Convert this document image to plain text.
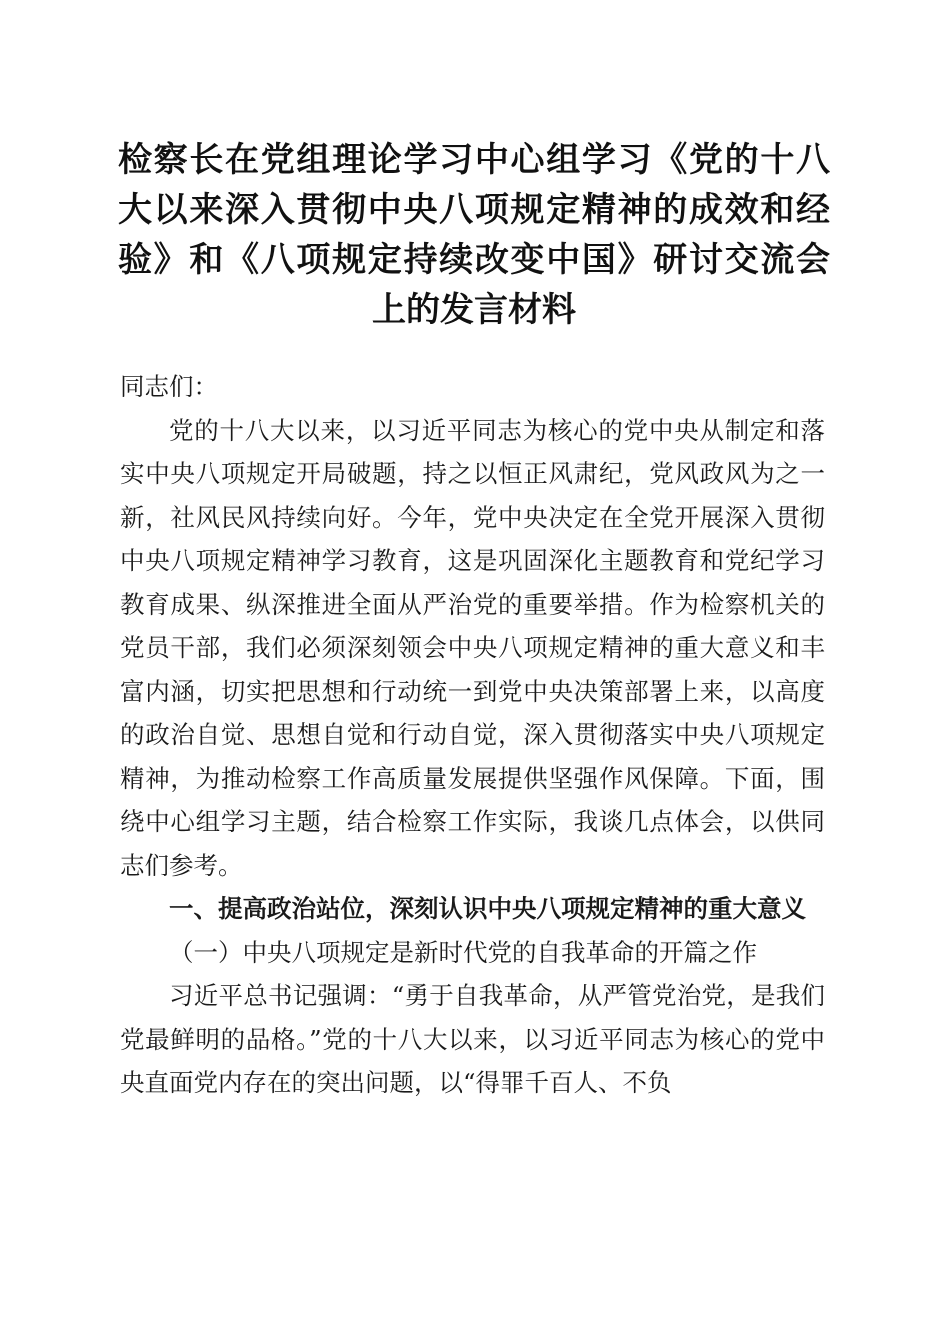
检察长在党组理论学习中心组学习《党的十八大以来深入贯彻中央八项规定精神的成效和经验》和《八项规定持续改变中国》研讨交流会上的发言材料

同志们：

党的十八大以来，以习近平同志为核心的党中央从制定和落实中央八项规定开局破题，持之以恒正风肃纪，党风政风为之一新，社风民风持续向好。今年，党中央决定在全党开展深入贯彻中央八项规定精神学习教育，这是巩固深化主题教育和党纪学习教育成果、纵深推进全面从严治党的重要举措。作为检察机关的党员干部，我们必须深刻领会中央八项规定精神的重大意义和丰富内涵，切实把思想和行动统一到党中央决策部署上来，以高度的政治自觉、思想自觉和行动自觉，深入贯彻落实中央八项规定精神，为推动检察工作高质量发展提供坚强作风保障。下面，围绕中心组学习主题，结合检察工作实际，我谈几点体会，以供同志们参考。

一、提高政治站位，深刻认识中央八项规定精神的重大意义

（一）中央八项规定是新时代党的自我革命的开篇之作

习近平总书记强调：“勇于自我革命，从严管党治党，是我们党最鲜明的品格。”党的十八大以来，以习近平同志为核心的党中央直面党内存在的突出问题，以“得罪千百人、不负
